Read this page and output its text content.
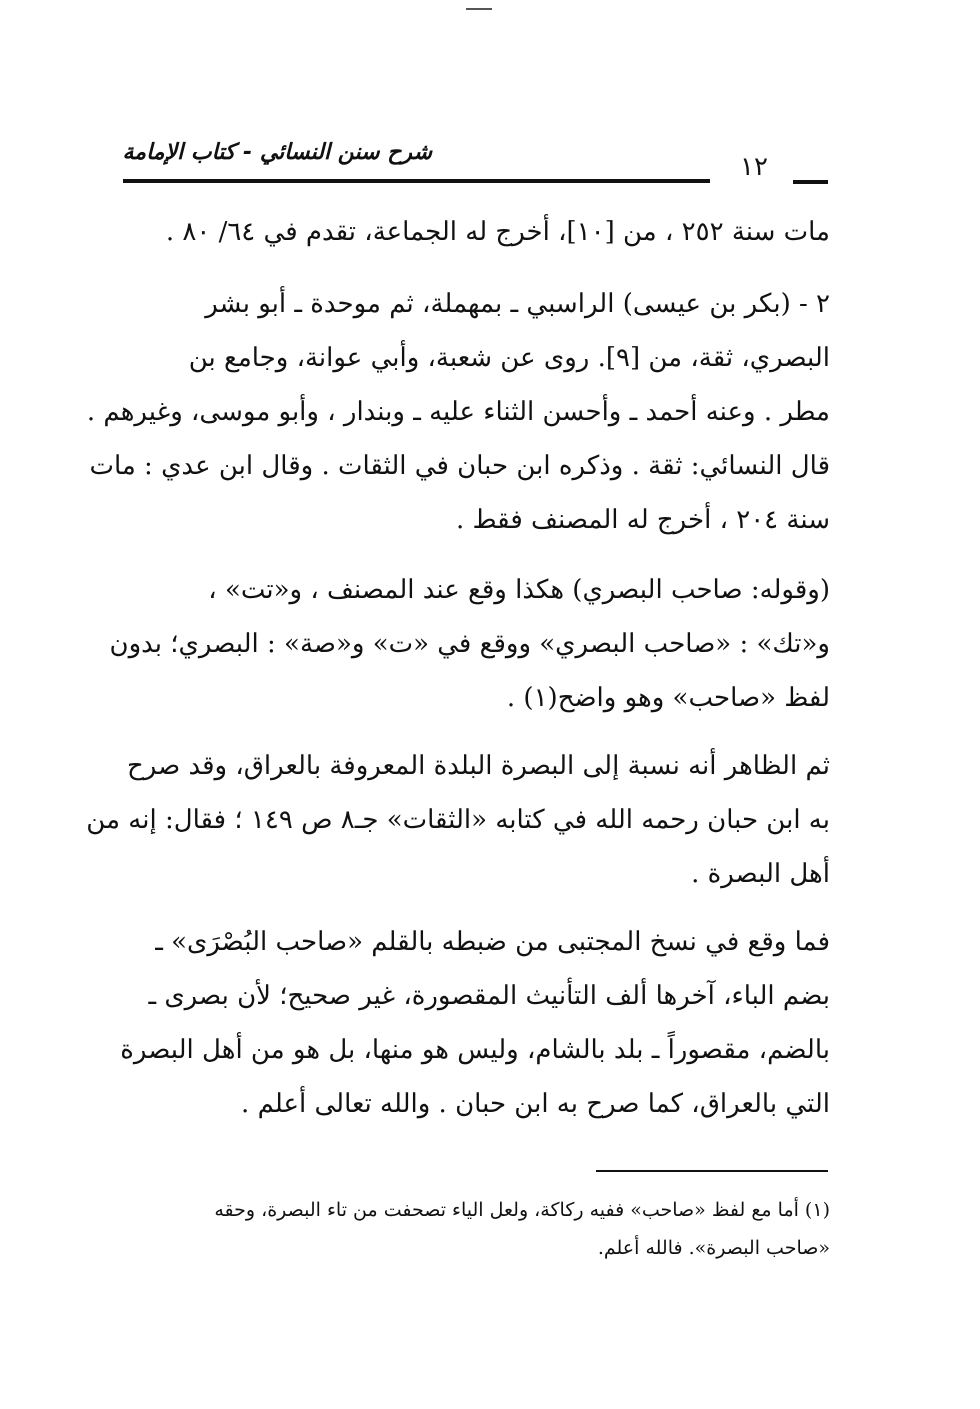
شرح سنن النسائي - كتاب الإمامة	١٢
مات سنة ٢٥٢ ، من [١٠]، أخرج له الجماعة، تقدم في ٦٤/ ٨٠ .
٢ - (بكر بن عيسى) الراسبي ـ بمهملة، ثم موحدة ـ أبو بشر
البصري، ثقة، من [٩]. روى عن شعبة، وأبي عوانة، وجامع بن
مطر . وعنه أحمد ـ وأحسن الثناء عليه ـ وبندار ، وأبو موسى، وغيرهم .
قال النسائي: ثقة . وذكره ابن حبان في الثقات . وقال ابن عدي : مات
سنة ٢٠٤ ، أخرج له المصنف فقط .
(وقوله: صاحب البصري) هكذا وقع عند المصنف ، و«تت» ،
و«تك» : «صاحب البصري» ووقع في «ت» و«صة» : البصري؛ بدون
لفظ «صاحب» وهو واضح(١) .
ثم الظاهر أنه نسبة إلى البصرة البلدة المعروفة بالعراق، وقد صرح
به ابن حبان رحمه الله في كتابه «الثقات» جـ٨ ص ١٤٩ ؛ فقال: إنه من
أهل البصرة .
فما وقع في نسخ المجتبى من ضبطه بالقلم «صاحب البُصْرَى» ـ
بضم الباء، آخرها ألف التأنيث المقصورة، غير صحيح؛ لأن بصرى ـ
بالضم، مقصوراً ـ بلد بالشام، وليس هو منها، بل هو من أهل البصرة
التي بالعراق، كما صرح به ابن حبان . والله تعالى أعلم .
(١) أما مع لفظ «صاحب» ففيه ركاكة، ولعل الياء تصحفت من تاء البصرة، وحقه
«صاحب البصرة». فالله أعلم.
